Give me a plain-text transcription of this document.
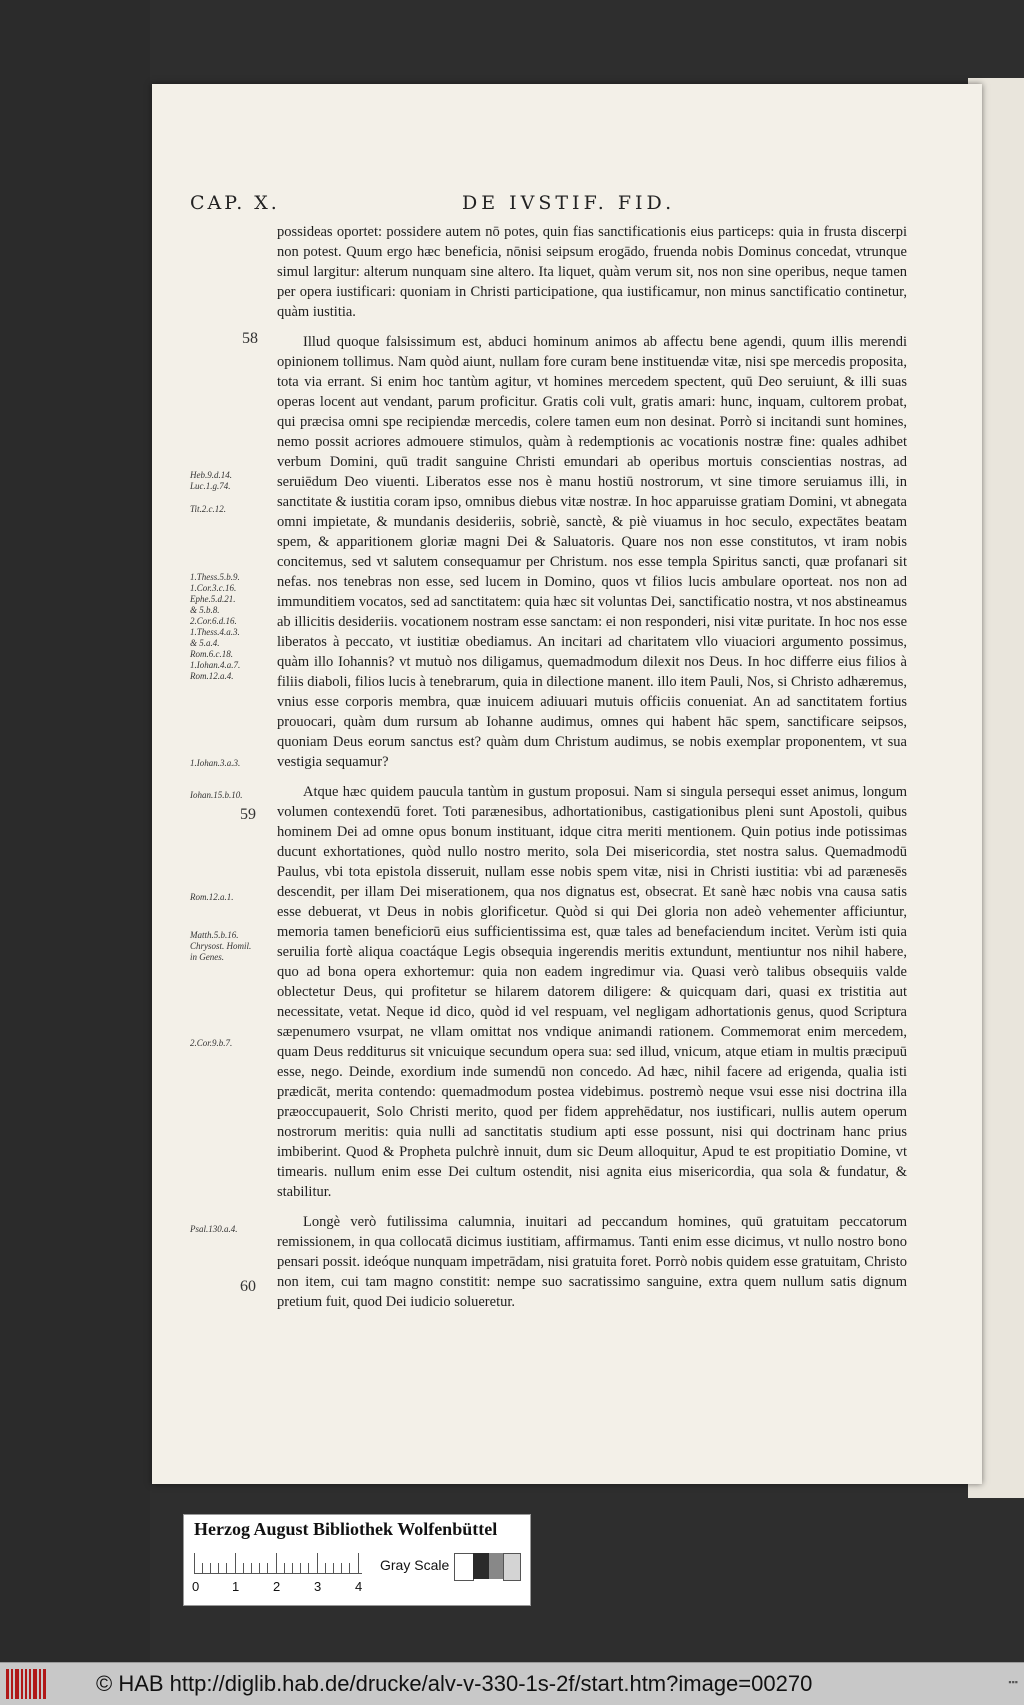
CAP. X.	DE IVSTIF. FID.

possideas oportet: possidere autem nō potes, quin fias sanctificationis eius particeps: quia in frusta discerpi non potest. Quum ergo hæc beneficia, nōnisi seipsum erogādo, fruenda nobis Dominus concedat, vtrunque simul largitur: alterum nunquam sine altero. Ita liquet, quàm verum sit, nos non sine operibus, neque tamen per opera iustificari: quoniam in Christi participatione, qua iustificamur, non minus sanctificatio continetur, quàm iustitia.

Illud quoque falsissimum est, abduci hominum animos ab affectu bene agendi, quum illis merendi opinionem tollimus. Nam quòd aiunt, nullam fore curam bene instituendæ vitæ, nisi spe mercedis proposita, tota via errant. Si enim hoc tantùm agitur, vt homines mercedem spectent, quū Deo seruiunt, & illi suas operas locent aut vendant, parum proficitur. Gratis coli vult, gratis amari: hunc, inquam, cultorem probat, qui præcisa omni spe recipiendæ mercedis, colere tamen eum non desinat. Porrò si incitandi sunt homines, nemo possit acriores admouere stimulos, quàm à redemptionis ac vocationis nostræ fine: quales adhibet verbum Domini, quū tradit sanguine Christi emundari ab operibus mortuis conscientias nostras, ad seruiēdum Deo viuenti. Liberatos esse nos è manu hostiū nostrorum, vt sine timore seruiamus illi, in sanctitate & iustitia coram ipso, omnibus diebus vitæ nostræ. In hoc apparuisse gratiam Domini, vt abnegata omni impietate, & mundanis desideriis, sobriè, sanctè, & piè viuamus in hoc seculo, expectātes beatam spem, & apparitionem gloriæ magni Dei & Saluatoris. Quare nos non esse constitutos, vt iram nobis concitemus, sed vt salutem consequamur per Christum. nos esse templa Spiritus sancti, quæ profanari sit nefas. nos tenebras non esse, sed lucem in Domino, quos vt filios lucis ambulare oporteat. nos non ad immunditiem vocatos, sed ad sanctitatem: quia hæc sit voluntas Dei, sanctificatio nostra, vt nos abstineamus ab illicitis desideriis. vocationem nostram esse sanctam: ei non responderi, nisi vitæ puritate. In hoc nos esse liberatos à peccato, vt iustitiæ obediamus. An incitari ad charitatem vllo viuaciori argumento possimus, quàm illo Iohannis? vt mutuò nos diligamus, quemadmodum dilexit nos Deus. In hoc differre eius filios à filiis diaboli, filios lucis à tenebrarum, quia in dilectione manent. illo item Pauli, Nos, si Christo adhæremus, vnius esse corporis membra, quæ inuicem adiuuari mutuis officiis conueniat. An ad sanctitatem fortius prouocari, quàm dum rursum ab Iohanne audimus, omnes qui habent hāc spem, sanctificare seipsos, quoniam Deus eorum sanctus est? quàm dum Christum audimus, se nobis exemplar proponentem, vt sua vestigia sequamur?

Atque hæc quidem paucula tantùm in gustum proposui. Nam si singula persequi esset animus, longum volumen contexendū foret. Toti parænesibus, adhortationibus, castigationibus pleni sunt Apostoli, quibus hominem Dei ad omne opus bonum instituant, idque citra meriti mentionem. Quin potius inde potissimas ducunt exhortationes, quòd nullo nostro merito, sola Dei misericordia, stet nostra salus. Quemadmodū Paulus, vbi tota epistola disseruit, nullam esse nobis spem vitæ, nisi in Christi iustitia: vbi ad parænesēs descendit, per illam Dei miserationem, qua nos dignatus est, obsecrat. Et sanè hæc nobis vna causa satis esse debuerat, vt Deus in nobis glorificetur. Quòd si qui Dei gloria non adeò vehementer afficiuntur, memoria tamen beneficiorū eius sufficientissima est, quæ tales ad benefaciendum incitet. Verùm isti quia seruilia fortè aliqua coactáque Legis obsequia ingerendis meritis extundunt, mentiuntur nos nihil habere, quo ad bona opera exhortemur: quia non eadem ingredimur via. Quasi verò talibus obsequiis valde oblectetur Deus, qui profitetur se hilarem datorem diligere: & quicquam dari, quasi ex tristitia aut necessitate, vetat. Neque id dico, quòd id vel respuam, vel negligam adhortationis genus, quod Scriptura sæpenumero vsurpat, ne vllam omittat nos vndique animandi rationem. Commemorat enim mercedem, quam Deus redditurus sit vnicuique secundum opera sua: sed illud, vnicum, atque etiam in multis præcipuū esse, nego. Deinde, exordium inde sumendū non concedo. Ad hæc, nihil facere ad erigenda, qualia isti prædicāt, merita contendo: quemadmodum postea videbimus. postremò neque vsui esse nisi doctrina illa præoccupauerit, Solo Christi merito, quod per fidem apprehēdatur, nos iustificari, nullis autem operum nostrorum meritis: quia nulli ad sanctitatis studium apti esse possunt, nisi qui doctrinam hanc prius imbiberint. Quod & Propheta pulchrè innuit, dum sic Deum alloquitur, Apud te est propitiatio Domine, vt timearis. nullum enim esse Dei cultum ostendit, nisi agnita eius misericordia, qua sola & fundatur, & stabilitur.

Longè verò futilissima calumnia, inuitari ad peccandum homines, quū gratuitam peccatorum remissionem, in qua collocatā dicimus iustitiam, affirmamus. Tanti enim esse dicimus, vt nullo nostro bono pensari possit. ideóque nunquam impetrādam, nisi gratuita foret. Porrò nobis quidem esse gratuitam, Christo non item, cui tam magno constitit: nempe suo sacratissimo sanguine, extra quem nullum satis dignum pretium fuit, quod Dei iudicio solueretur.

58
59
60
Heb.9.d.14.
Luc.1.g.74.
Tit.2.c.12.
1.Thess.5.b.9.
1.Cor.3.c.16.
Ephe.5.d.21.
& 5.b.8.
2.Cor.6.d.16.
1.Thess.4.a.3.
& 5.a.4.
Rom.6.c.18.
1.Iohan.4.a.7.
Rom.12.a.4.
1.Iohan.3.a.3.
Iohan.15.b.10.
Rom.12.a.1.
Matth.5.b.16.
Chrysost. Homil.
in Genes.
2.Cor.9.b.7.
Psal.130.a.4.
Herzog August Bibliothek Wolfenbüttel
0	1	2	3	4
Gray Scale
© HAB http://diglib.hab.de/drucke/alv-v-330-1s-2f/start.htm?image=00270	▪▪▪
